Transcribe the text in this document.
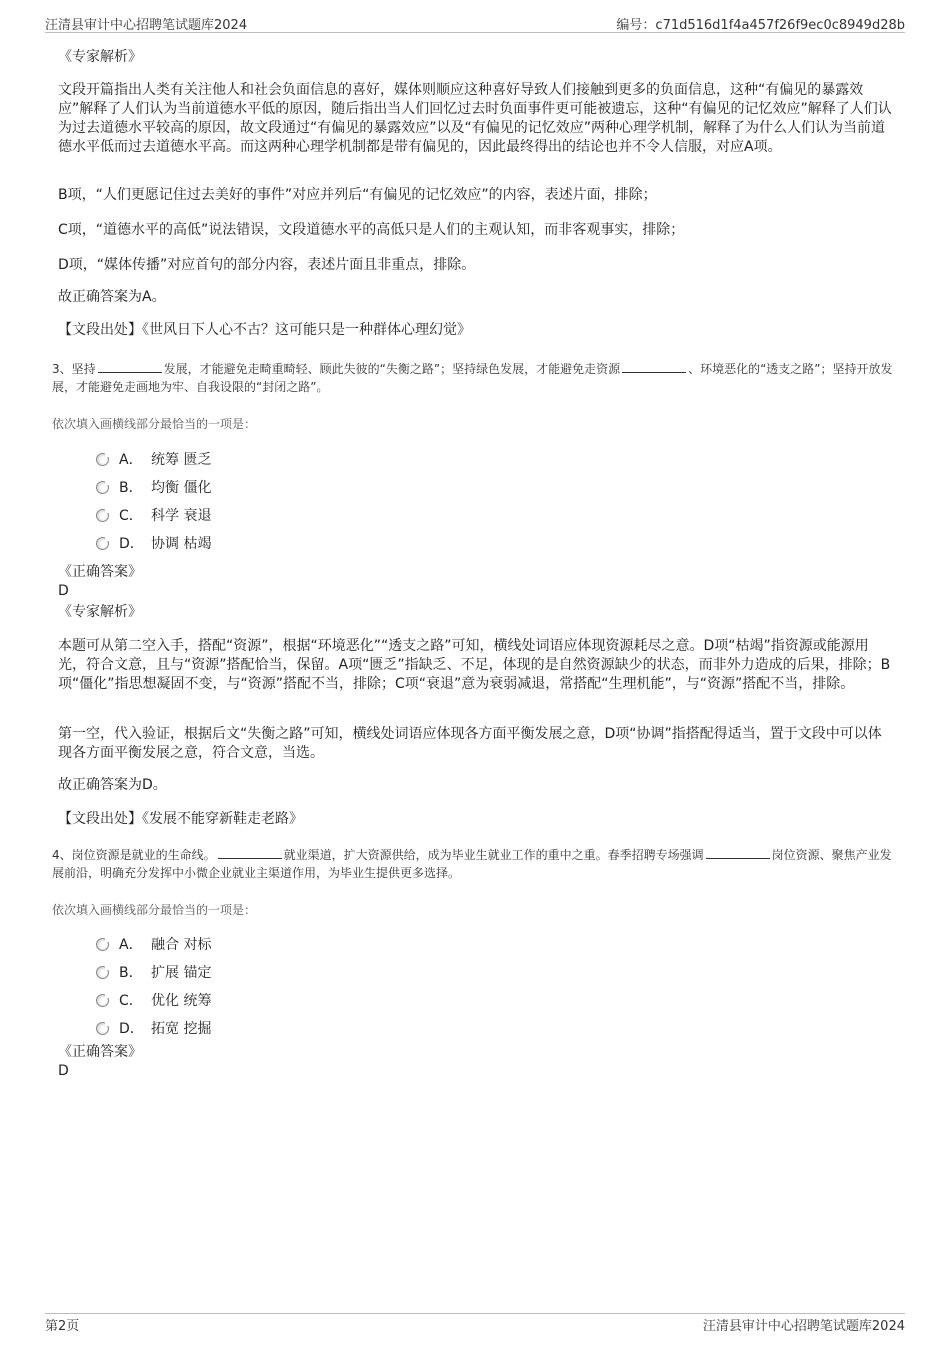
汪清县审计中心招聘笔试题库2024	编号：c71d516d1f4a457f26f9ec0c8949d28b
《专家解析》

文段开篇指出人类有关注他人和社会负面信息的喜好，媒体则顺应这种喜好导致人们接触到更多的负面信息，这种“有偏见的暴露效应”解释了人们认为当前道德水平低的原因，随后指出当人们回忆过去时负面事件更可能被遗忘，这种“有偏见的记忆效应”解释了人们认为过去道德水平较高的原因，故文段通过“有偏见的暴露效应”以及“有偏见的记忆效应”两种心理学机制，解释了为什么人们认为当前道德水平低而过去道德水平高。而这两种心理学机制都是带有偏见的，因此最终得出的结论也并不令人信服，对应A项。

B项，“人们更愿记住过去美好的事件”对应并列后“有偏见的记忆效应”的内容，表述片面，排除；

C项，“道德水平的高低”说法错误，文段道德水平的高低只是人们的主观认知，而非客观事实，排除；

D项，“媒体传播”对应首句的部分内容，表述片面且非重点，排除。

故正确答案为A。

【文段出处】《世风日下人心不古？这可能只是一种群体心理幻觉》
3、坚持	发展，才能避免走畸重畸轻、顾此失彼的“失衡之路”；坚持绿色发展，才能避免走资源	、环境恶化的“透支之路”；坚持开放发展，才能避免走画地为牢、自我设限的“封闭之路”。
依次填入画横线部分最恰当的一项是：
A． 统筹 匮乏
B． 均衡 僵化
C． 科学 衰退
D． 协调 枯竭
《正确答案》
D
《专家解析》

本题可从第二空入手，搭配“资源”，根据“环境恶化”“透支之路”可知，横线处词语应体现资源耗尽之意。D项“枯竭”指资源或能源用光，符合文意，且与“资源”搭配恰当，保留。A项“匮乏”指缺乏、不足，体现的是自然资源缺少的状态，而非外力造成的后果，排除；B项“僵化”指思想凝固不变，与“资源”搭配不当，排除；C项“衰退”意为衰弱减退，常搭配“生理机能”，与“资源”搭配不当，排除。

第一空，代入验证，根据后文“失衡之路”可知，横线处词语应体现各方面平衡发展之意，D项“协调”指搭配得适当，置于文段中可以体现各方面平衡发展之意，符合文意，当选。

故正确答案为D。

【文段出处】《发展不能穿新鞋走老路》
4、岗位资源是就业的生命线。	就业渠道，扩大资源供给，成为毕业生就业工作的重中之重。春季招聘专场强调	岗位资源、聚焦产业发展前沿，明确充分发挥中小微企业就业主渠道作用，为毕业生提供更多选择。
依次填入画横线部分最恰当的一项是：
A． 融合 对标
B． 扩展 锚定
C． 优化 统筹
D． 拓宽 挖掘
《正确答案》
D
第2页	汪清县审计中心招聘笔试题库2024
